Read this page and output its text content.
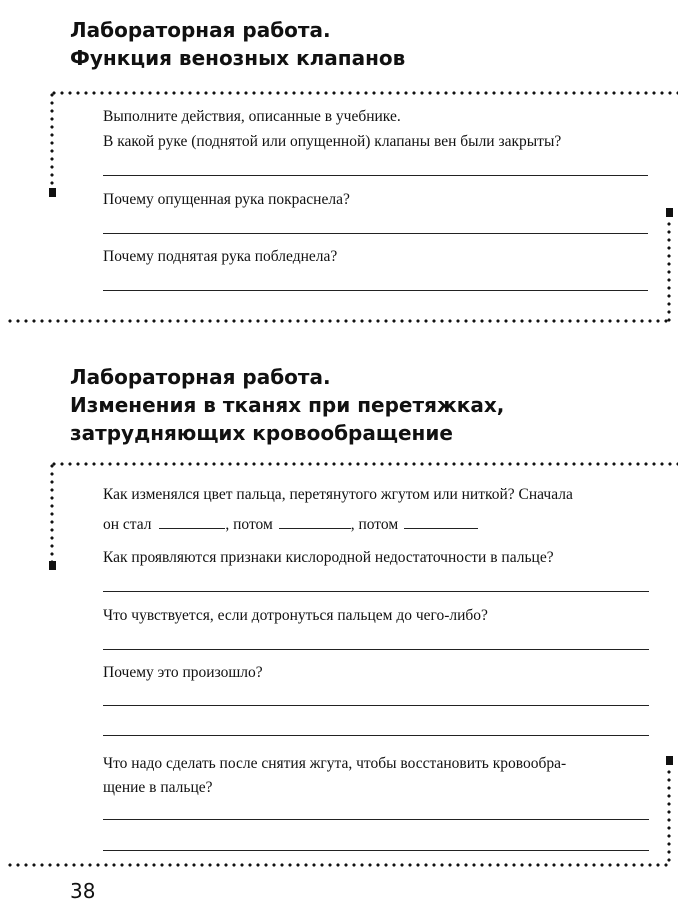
Лабораторная работа.
Функция венозных клапанов
Выполните действия, описанные в учебнике.
В какой руке (поднятой или опущенной) клапаны вен были закрыты?
Почему опущенная рука покраснела?
Почему поднятая рука побледнела?
Лабораторная работа.
Изменения в тканях при перетяжках,
затрудняющих кровообращение
Как изменялся цвет пальца, перетянутого жгутом или ниткой? Сначала
он стал	, потом	, потом
Как проявляются признаки кислородной недостаточности в пальце?
Что чувствуется, если дотронуться пальцем до чего-либо?
Почему это произошло?
Что надо сделать после снятия жгута, чтобы восстановить кровообра-
щение в пальце?
38
